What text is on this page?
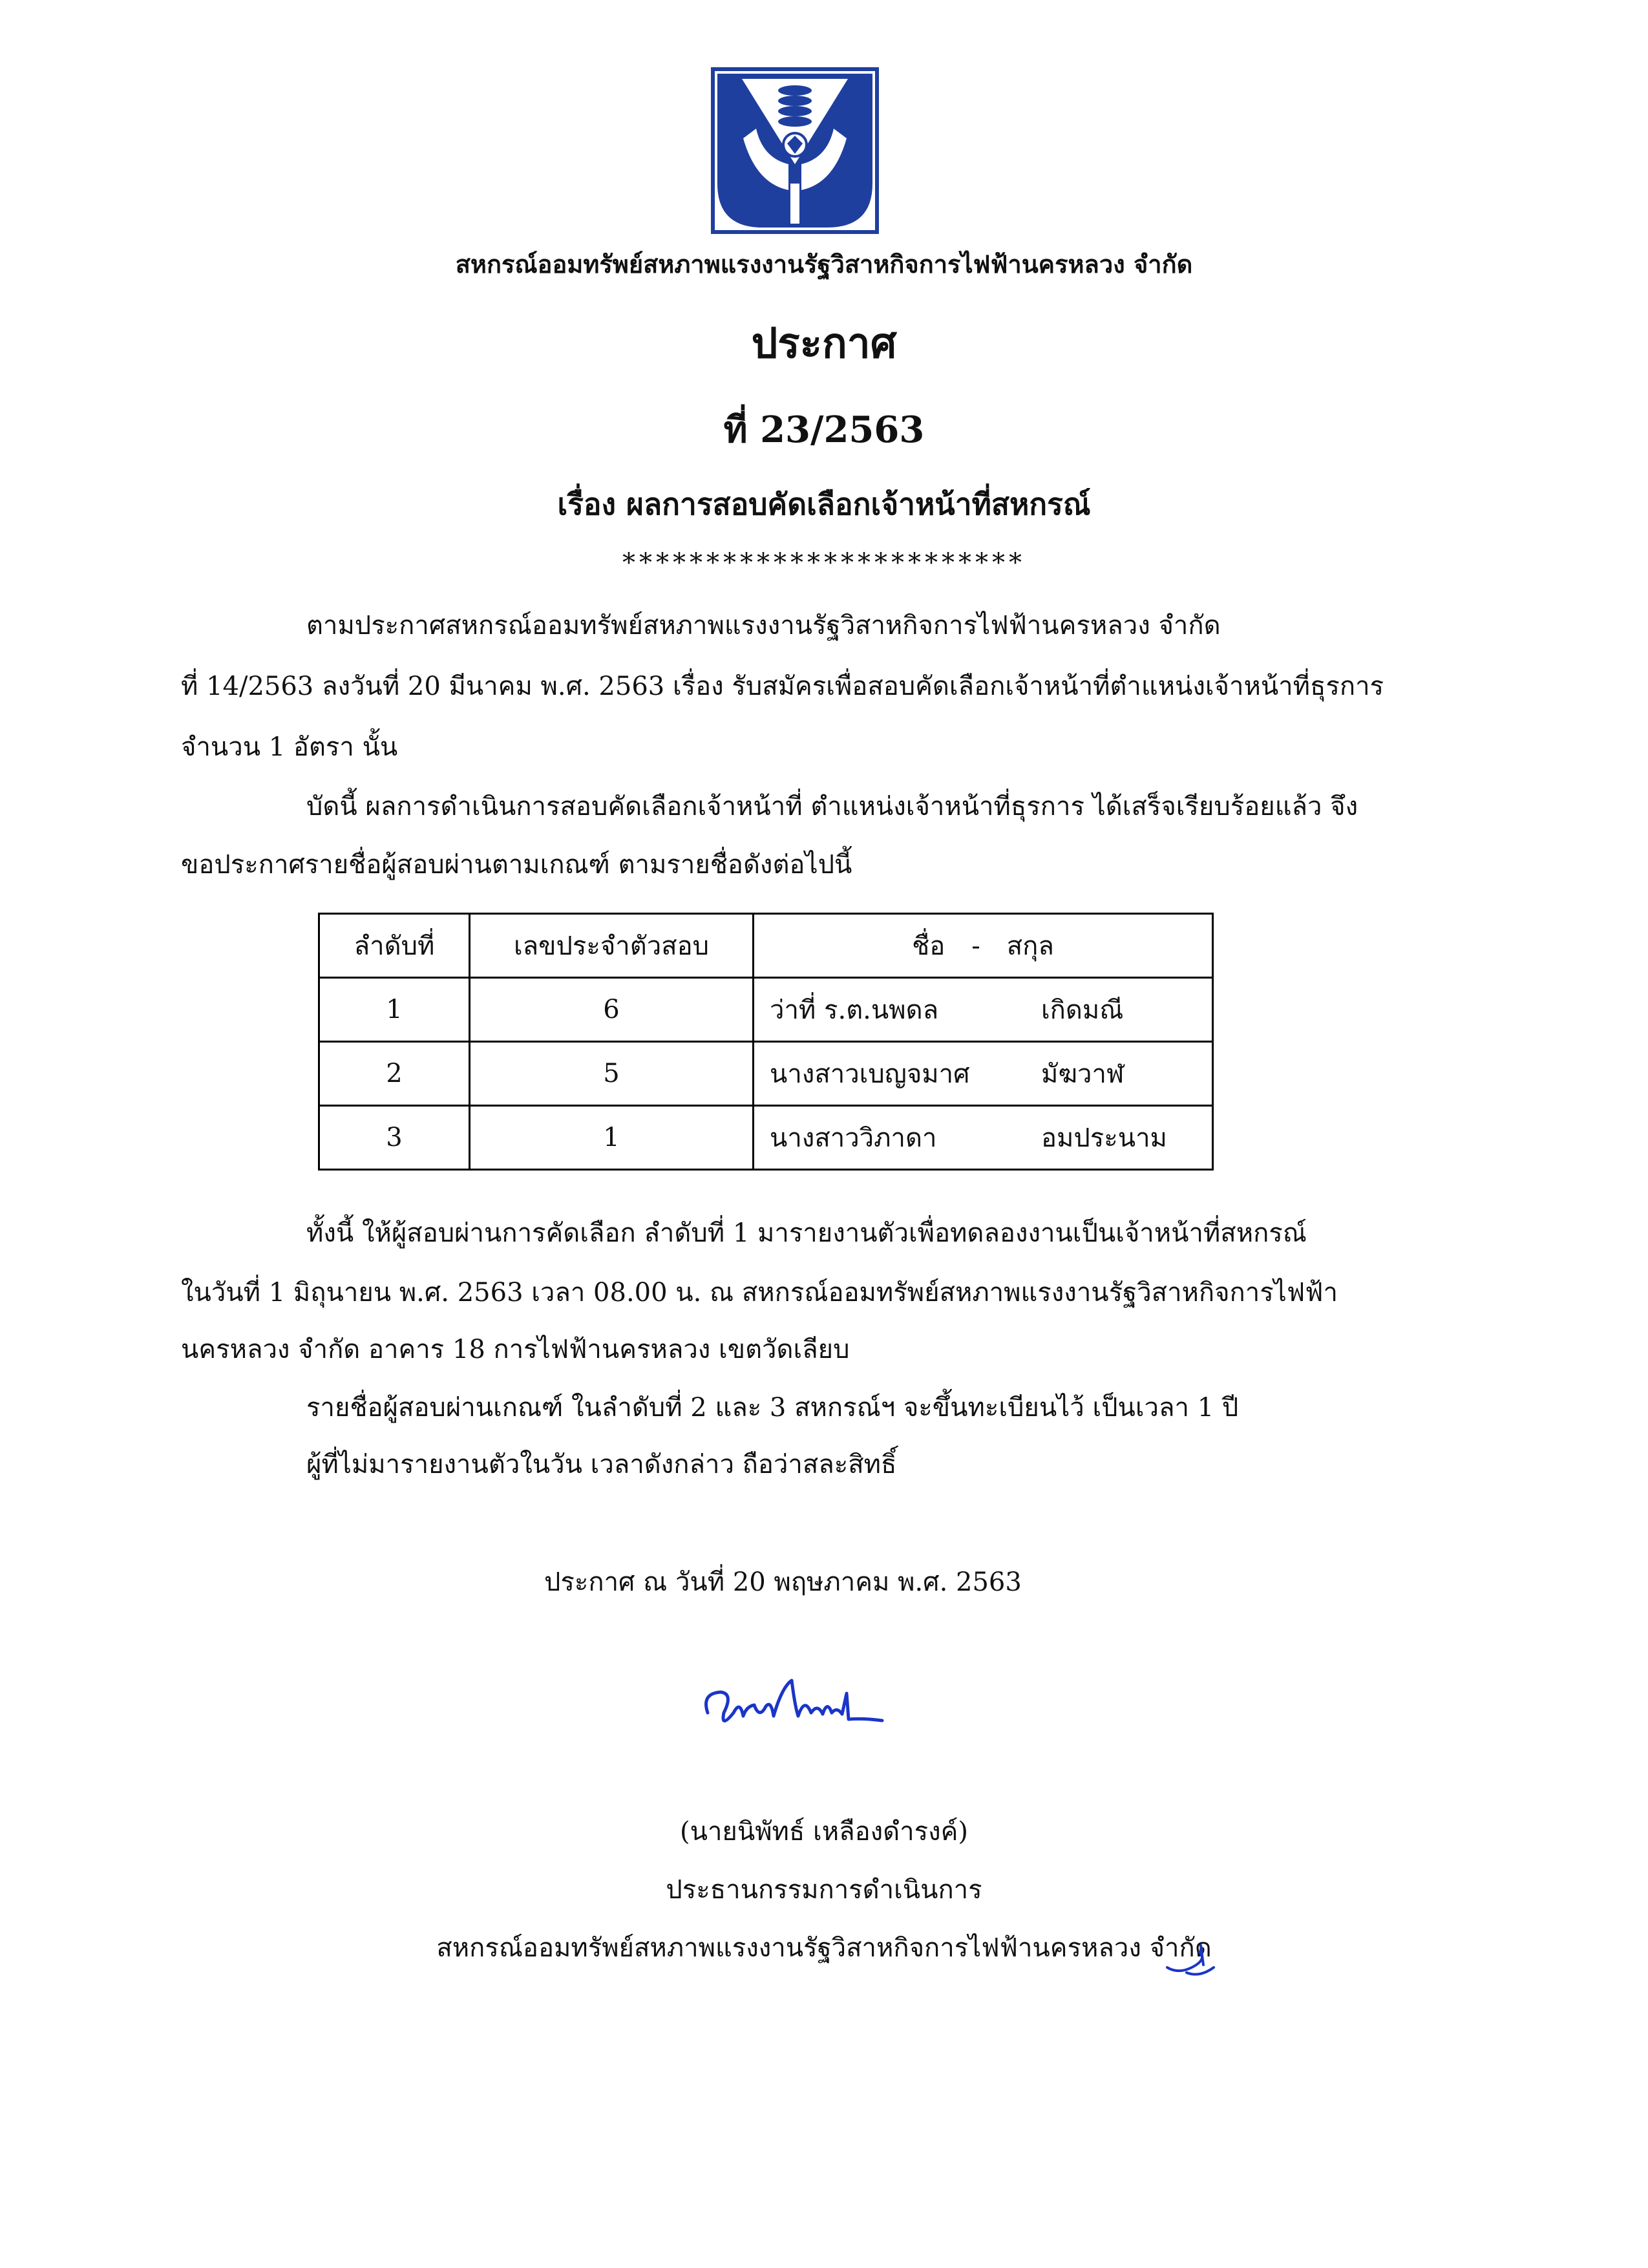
สหกรณ์ออมทรัพย์สหภาพแรงงานรัฐวิสาหกิจการไฟฟ้านครหลวง จำกัด
ประกาศ
ที่ 23/2563
เรื่อง ผลการสอบคัดเลือกเจ้าหน้าที่สหกรณ์
************************
ตามประกาศสหกรณ์ออมทรัพย์สหภาพแรงงานรัฐวิสาหกิจการไฟฟ้านครหลวง จำกัด
ที่ 14/2563 ลงวันที่ 20 มีนาคม พ.ศ. 2563 เรื่อง รับสมัครเพื่อสอบคัดเลือกเจ้าหน้าที่ตำแหน่งเจ้าหน้าที่ธุรการ
จำนวน 1 อัตรา นั้น
บัดนี้ ผลการดำเนินการสอบคัดเลือกเจ้าหน้าที่ ตำแหน่งเจ้าหน้าที่ธุรการ ได้เสร็จเรียบร้อยแล้ว จึง
ขอประกาศรายชื่อผู้สอบผ่านตามเกณฑ์ ตามรายชื่อดังต่อไปนี้
ลำดับที่	เลขประจำตัวสอบ	ชื่อ - สกุล
1	6	ว่าที่ ร.ต.นพดล เกิดมณี
2	5	นางสาวเบญจมาศ มัฆวาฬ
3	1	นางสาววิภาดา อมประนาม
ทั้งนี้ ให้ผู้สอบผ่านการคัดเลือก ลำดับที่ 1 มารายงานตัวเพื่อทดลองงานเป็นเจ้าหน้าที่สหกรณ์
ในวันที่ 1 มิถุนายน พ.ศ. 2563 เวลา 08.00 น. ณ สหกรณ์ออมทรัพย์สหภาพแรงงานรัฐวิสาหกิจการไฟฟ้า
นครหลวง จำกัด อาคาร 18 การไฟฟ้านครหลวง เขตวัดเลียบ
รายชื่อผู้สอบผ่านเกณฑ์ ในลำดับที่ 2 และ 3 สหกรณ์ฯ จะขึ้นทะเบียนไว้ เป็นเวลา 1 ปี
ผู้ที่ไม่มารายงานตัวในวัน เวลาดังกล่าว ถือว่าสละสิทธิ์
ประกาศ ณ วันที่ 20 พฤษภาคม พ.ศ. 2563
(นายนิพัทธ์ เหลืองดำรงค์)
ประธานกรรมการดำเนินการ
สหกรณ์ออมทรัพย์สหภาพแรงงานรัฐวิสาหกิจการไฟฟ้านครหลวง จำกัด
